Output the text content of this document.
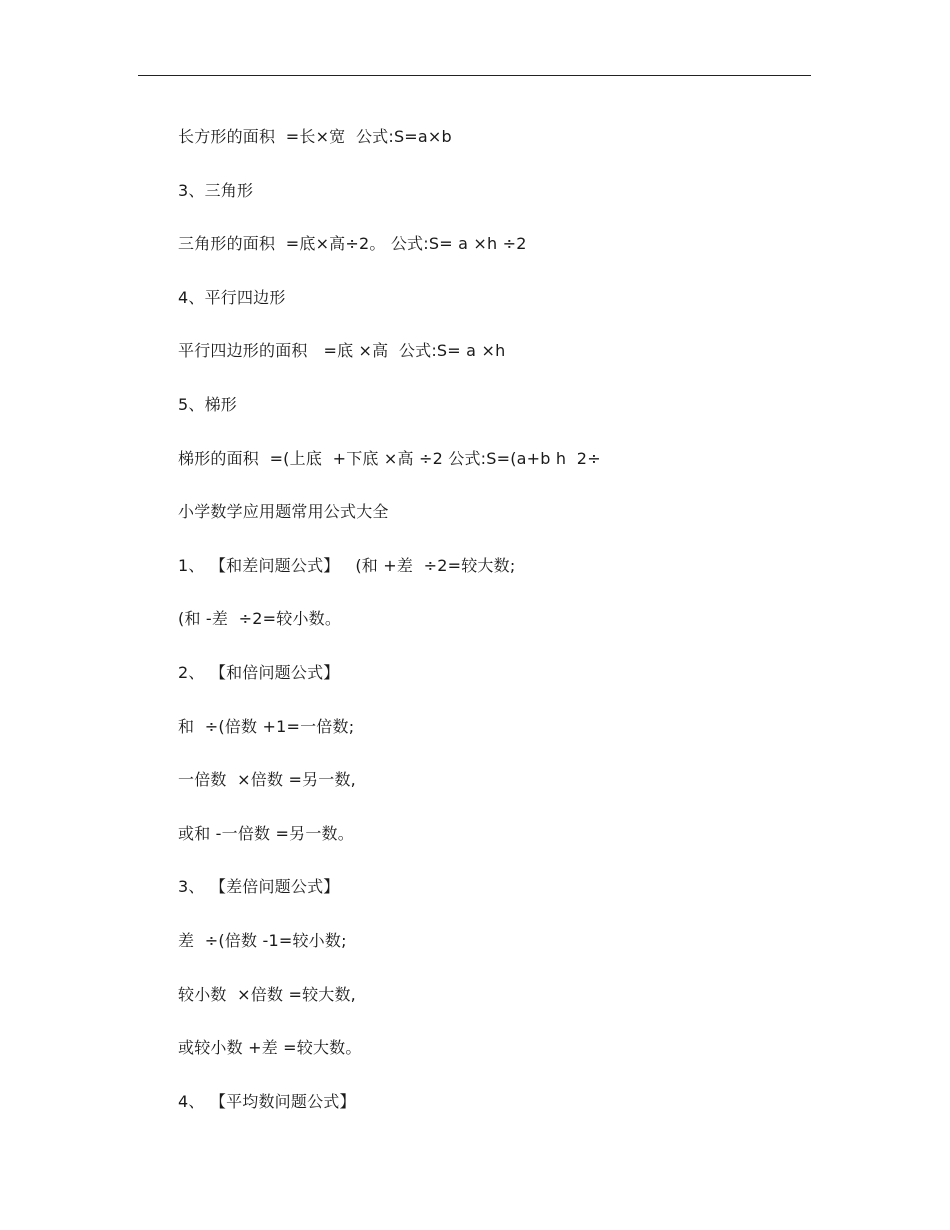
长方形的面积  =长×宽  公式:S=a×b
3、三角形
三角形的面积  =底×高÷2。 公式:S= a ×h ÷2
4、平行四边形
平行四边形的面积   =底 ×高  公式:S= a ×h
5、梯形
梯形的面积  =(上底  +下底 ×高 ÷2 公式:S=(a+b h  2÷
小学数学应用题常用公式大全
1、 【和差问题公式】   (和 +差  ÷2=较大数;
(和 -差  ÷2=较小数。
2、 【和倍问题公式】
和  ÷(倍数 +1=一倍数;
一倍数  ×倍数 =另一数,
或和 -一倍数 =另一数。
3、 【差倍问题公式】
差  ÷(倍数 -1=较小数;
较小数  ×倍数 =较大数,
或较小数 +差 =较大数。
4、 【平均数问题公式】
